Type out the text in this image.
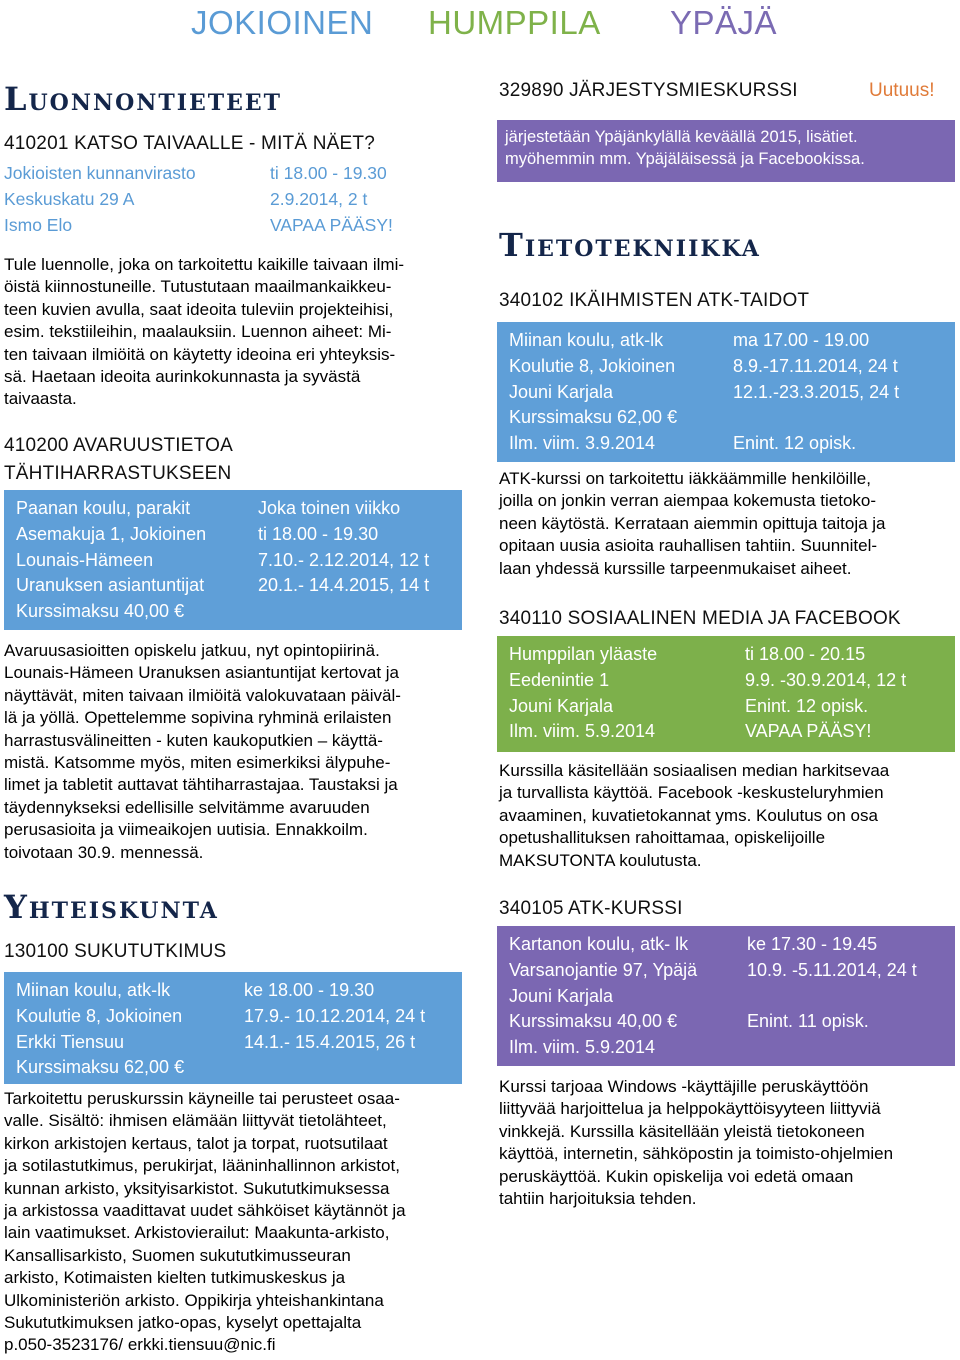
JOKIOINEN HUMPPILA YPÄJÄ
Luonnontieteet
410201 KATSO TAIVAALLE - MITÄ NÄET?
Jokioisten kunnanvirasto	ti 18.00 - 19.30
Keskuskatu 29 A	2.9.2014, 2 t
Ismo Elo	VAPAA PÄÄSY!
Tule luennolle, joka on tarkoitettu kaikille taivaan ilmi-
öistä kiinnostuneille. Tutustutaan maailmankaikkeu-
teen kuvien avulla, saat ideoita tuleviin projekteihisi,
esim. tekstiileihin, maalauksiin. Luennon aiheet: Mi-
ten taivaan ilmiöitä on käytetty ideoina eri yhteyksis-
sä. Haetaan ideoita aurinkokunnasta ja syvästä
taivaasta.
410200 AVARUUSTIETOA
TÄHTIHARRASTUKSEEN
Paanan koulu, parakit	Joka toinen viikko
Asemakuja 1, Jokioinen	ti 18.00 - 19.30
Lounais-Hämeen	7.10.- 2.12.2014, 12 t
Uranuksen asiantuntijat	20.1.- 14.4.2015, 14 t
Kurssimaksu 40,00 €
Avaruusasioitten opiskelu jatkuu, nyt opintopiirinä.
Lounais-Hämeen Uranuksen asiantuntijat kertovat ja
näyttävät, miten taivaan ilmiöitä valokuvataan päiväl-
lä ja yöllä. Opettelemme sopivina ryhminä erilaisten
harrastusvälineitten - kuten kaukoputkien – käyttä-
mistä. Katsomme myös, miten esimerkiksi älypuhe-
limet ja tabletit auttavat tähtiharrastajaa. Taustaksi ja
täydennykseksi edellisille selvitämme avaruuden
perusasioita ja viimeaikojen uutisia. Ennakkoilm.
toivotaan 30.9. mennessä.
Yhteiskunta
130100 SUKUTUTKIMUS
Miinan koulu, atk-lk	ke 18.00 - 19.30
Koulutie 8, Jokioinen	17.9.- 10.12.2014, 24 t
Erkki Tiensuu	14.1.- 15.4.2015, 26 t
Kurssimaksu 62,00 €
Tarkoitettu peruskurssin käyneille tai perusteet osaa-
valle. Sisältö: ihmisen elämään liittyvät tietolähteet,
kirkon arkistojen kertaus, talot ja torpat, ruotsutilaat
ja sotilastutkimus, perukirjat, lääninhallinnon arkistot,
kunnan arkisto, yksityisarkistot. Sukututkimuksessa
ja arkistossa vaadittavat uudet sähköiset käytännöt ja
lain vaatimukset. Arkistovierailut: Maakunta-arkisto,
Kansallisarkisto, Suomen sukututkimusseuran
arkisto, Kotimaisten kielten tutkimuskeskus ja
Ulkoministeriön arkisto. Oppikirja yhteishankintana
Sukututkimuksen jatko-opas, kyselyt opettajalta
p.050-3523176/ erkki.tiensuu@nic.fi
329890 JÄRJESTYSMIESKURSSI	Uutuus!
järjestetään Ypäjänkylällä keväällä 2015, lisätiet.
myöhemmin mm. Ypäjäläisessä ja Facebookissa.
Tietotekniikka
340102 IKÄIHMISTEN ATK-TAIDOT
Miinan koulu, atk-lk	ma 17.00 - 19.00
Koulutie 8, Jokioinen	8.9.-17.11.2014, 24 t
Jouni Karjala	12.1.-23.3.2015, 24 t
Kurssimaksu 62,00 €
Ilm. viim. 3.9.2014	Enint. 12 opisk.
ATK-kurssi on tarkoitettu iäkkäämmille henkilöille,
joilla on jonkin verran aiempaa kokemusta tietoko-
neen käytöstä. Kerrataan aiemmin opittuja taitoja ja
opitaan uusia asioita rauhallisen tahtiin. Suunnitel-
laan yhdessä kurssille tarpeenmukaiset aiheet.
340110 SOSIAALINEN MEDIA JA FACEBOOK
Humppilan yläaste	ti 18.00 - 20.15
Eedenintie 1	9.9. -30.9.2014, 12 t
Jouni Karjala	Enint. 12 opisk.
Ilm. viim. 5.9.2014	VAPAA PÄÄSY!
Kurssilla käsitellään sosiaalisen median harkitsevaa
ja turvallista käyttöä. Facebook -keskusteluryhmien
avaaminen, kuvatietokannat yms. Koulutus on osa
opetushallituksen rahoittamaa, opiskelijoille
MAKSUTONTA koulutusta.
340105 ATK-KURSSI
Kartanon koulu, atk- lk	ke 17.30 - 19.45
Varsanojantie 97, Ypäjä	10.9. -5.11.2014, 24 t
Jouni Karjala
Kurssimaksu 40,00 €	Enint. 11 opisk.
Ilm. viim. 5.9.2014
Kurssi tarjoaa Windows -käyttäjille peruskäyttöön
liittyvää harjoittelua ja helppokäyttöisyyteen liittyviä
vinkkejä. Kurssilla käsitellään yleistä tietokoneen
käyttöä, internetin, sähköpostin ja toimisto-ohjelmien
peruskäyttöä. Kukin opiskelija voi edetä omaan
tahtiin harjoituksia tehden.
